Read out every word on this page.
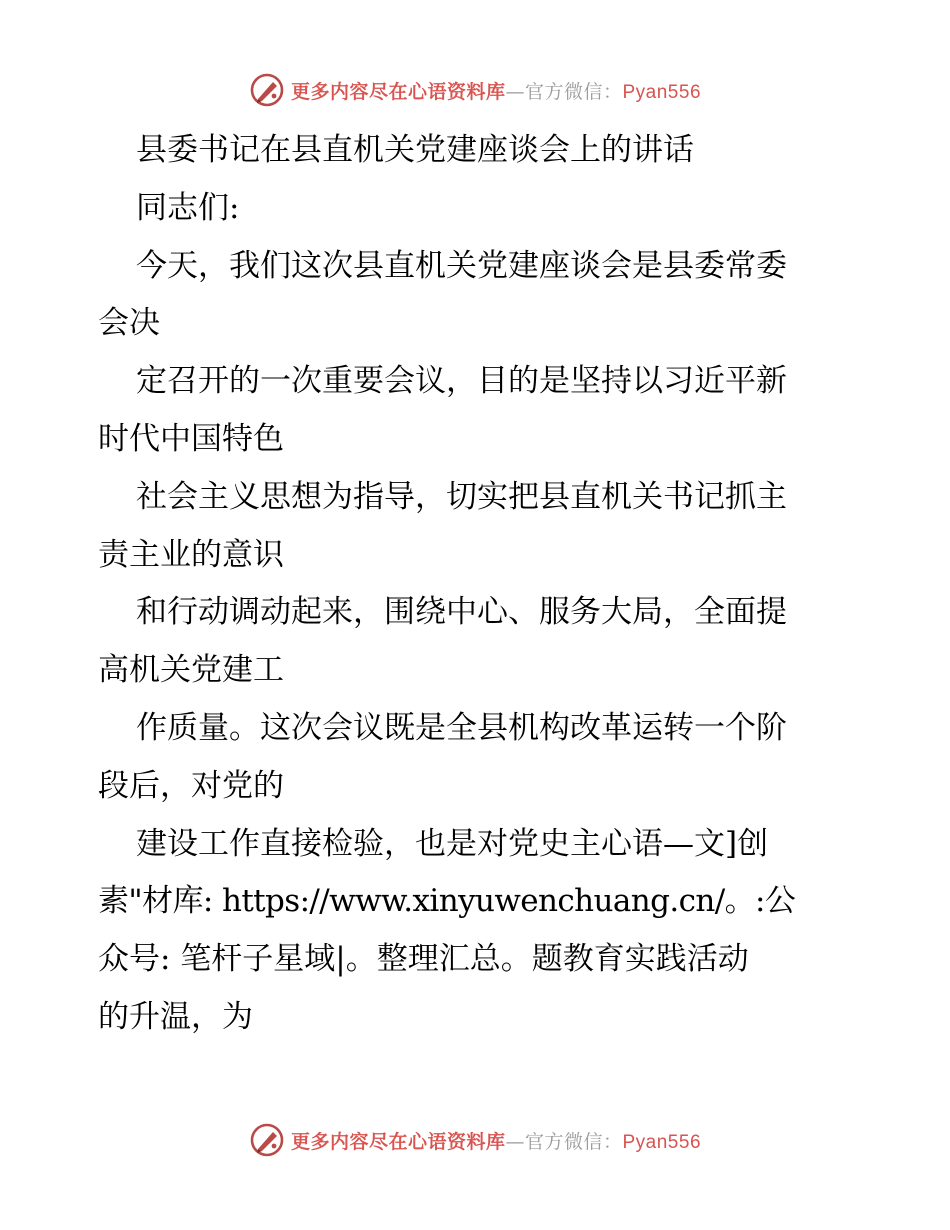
更多内容尽在心语资料库—官方微信：Pyan556

县委书记在县直机关党建座谈会上的讲话

同志们:

今天，我们这次县直机关党建座谈会是县委常委

会决

定召开的一次重要会议，目的是坚持以习近平新

时代中国特色

社会主义思想为指导，切实把县直机关书记抓主

责主业的意识

和行动调动起来，围绕中心、服务大局，全面提

高机关党建工

作质量。这次会议既是全县机构改革运转一个阶

段后，对党的

建设工作直接检验，也是对党史主心语—文]创

素"材库: https://www.xinyuwenchuang.cn/。:公

众号: 笔杆子星域|。整理汇总。题教育实践活动

的升温，为

更多内容尽在心语资料库—官方微信：Pyan556
